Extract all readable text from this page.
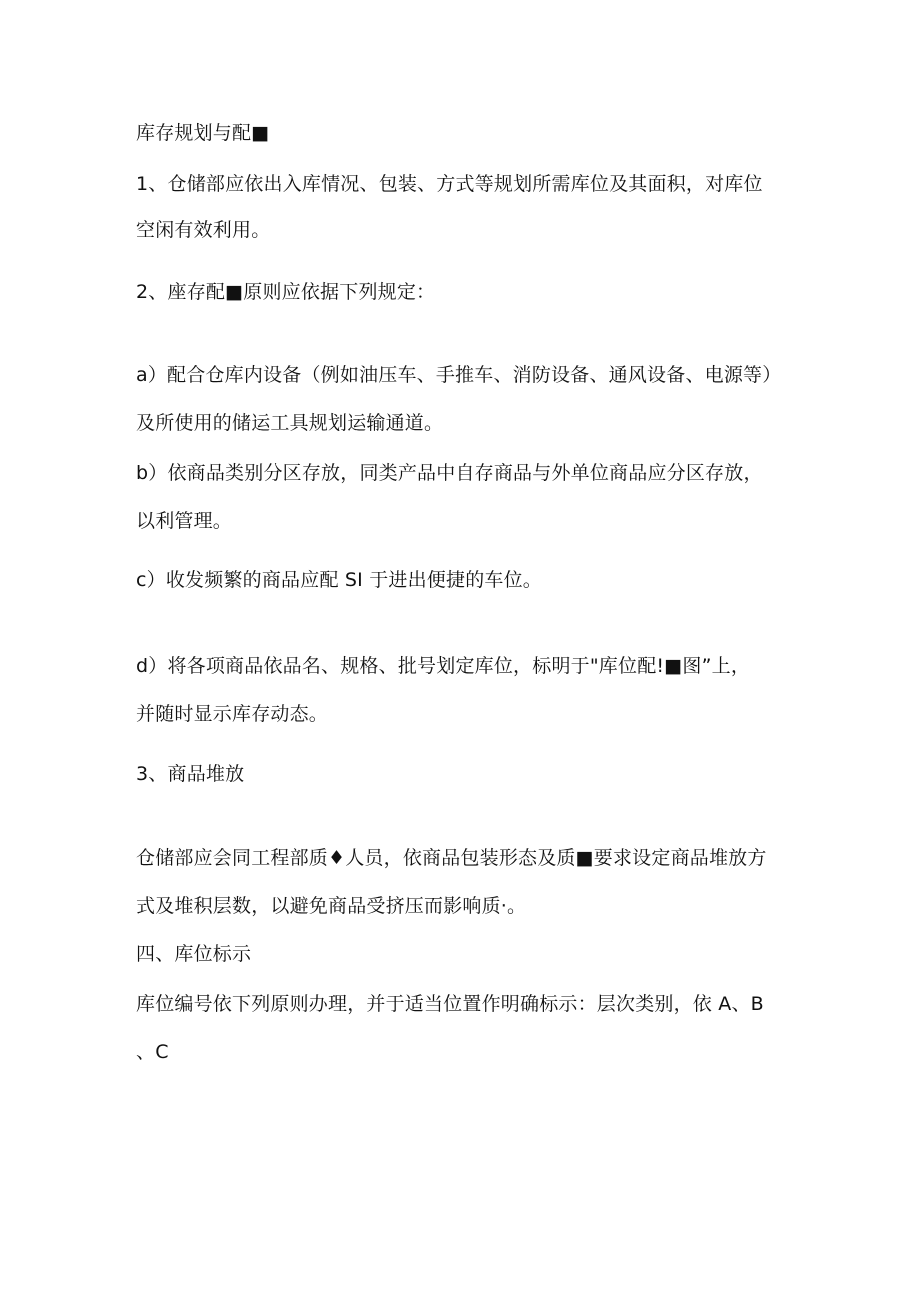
库存规划与配■
1、仓储部应依出入库情况、包装、方式等规划所需库位及其面积，对库位
空闲有效利用。
2、座存配■原则应依据下列规定：
a）配合仓库内设备（例如油压车、手推车、消防设备、通风设备、电源等）
及所使用的储运工具规划运输通道。
b）依商品类别分区存放，同类产品中自存商品与外单位商品应分区存放，
以利管理。
c）收发频繁的商品应配 SI 于进出便捷的车位。
d）将各项商品依品名、规格、批号划定库位，标明于"库位配!■图”上，
并随时显示库存动态。
3、商品堆放
仓储部应会同工程部质♦人员，依商品包装形态及质■要求设定商品堆放方
式及堆积层数，以避免商品受挤压而影响质·。
四、库位标示
库位编号依下列原则办理，并于适当位置作明确标示：层次类别，依 A、B
、C
